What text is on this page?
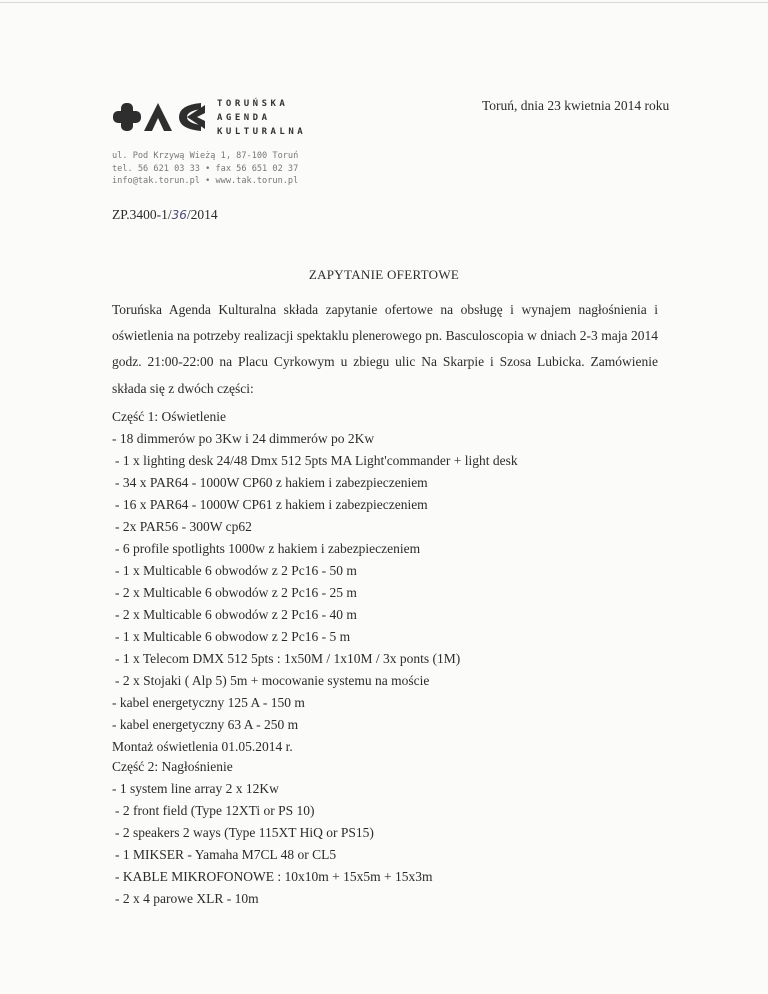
TORUŃSKA
AGENDA
KULTURALNA
ul. Pod Krzywą Wieżą 1, 87-100 Toruń
tel. 56 621 03 33 • fax 56 651 02 37
info@tak.torun.pl • www.tak.torun.pl
Toruń, dnia 23 kwietnia 2014 roku
ZP.3400-1/36/2014
ZAPYTANIE OFERTOWE

Toruńska Agenda Kulturalna składa zapytanie ofertowe na obsługę i wynajem nagłośnienia i oświetlenia na potrzeby realizacji spektaklu plenerowego pn. Basculoscopia w dniach 2-3 maja 2014 godz. 21:00-22:00 na Placu Cyrkowym u zbiegu ulic Na Skarpie i Szosa Lubicka. Zamówienie składa się z dwóch części:

Część 1: Oświetlenie
- 18 dimmerów po 3Kw i 24 dimmerów po 2Kw
- 1 x lighting desk 24/48 Dmx 512 5pts MA Light'commander + light desk
- 34 x PAR64 - 1000W CP60 z hakiem i zabezpieczeniem
- 16 x PAR64 - 1000W CP61 z hakiem i zabezpieczeniem
- 2x PAR56 - 300W cp62
- 6 profile spotlights 1000w z hakiem i zabezpieczeniem
- 1 x Multicable 6 obwodów z 2 Pc16 - 50 m
- 2 x Multicable 6 obwodów z 2 Pc16 - 25 m
- 2 x Multicable 6 obwodów z 2 Pc16 - 40 m
- 1 x Multicable 6 obwodow z 2 Pc16 - 5 m
- 1 x Telecom DMX 512 5pts : 1x50M / 1x10M / 3x ponts (1M)
- 2 x Stojaki ( Alp 5) 5m + mocowanie systemu na moście
- kabel energetyczny 125 A - 150 m
- kabel energetyczny 63 A - 250 m
Montaż oświetlenia 01.05.2014 r.
Część 2: Nagłośnienie
- 1 system line array 2 x 12Kw
- 2 front field (Type 12XTi or PS 10)
- 2 speakers 2 ways (Type 115XT HiQ or PS15)
- 1 MIKSER - Yamaha M7CL 48 or CL5
- KABLE MIKROFONOWE : 10x10m + 15x5m + 15x3m
- 2 x 4 parowe XLR - 10m
